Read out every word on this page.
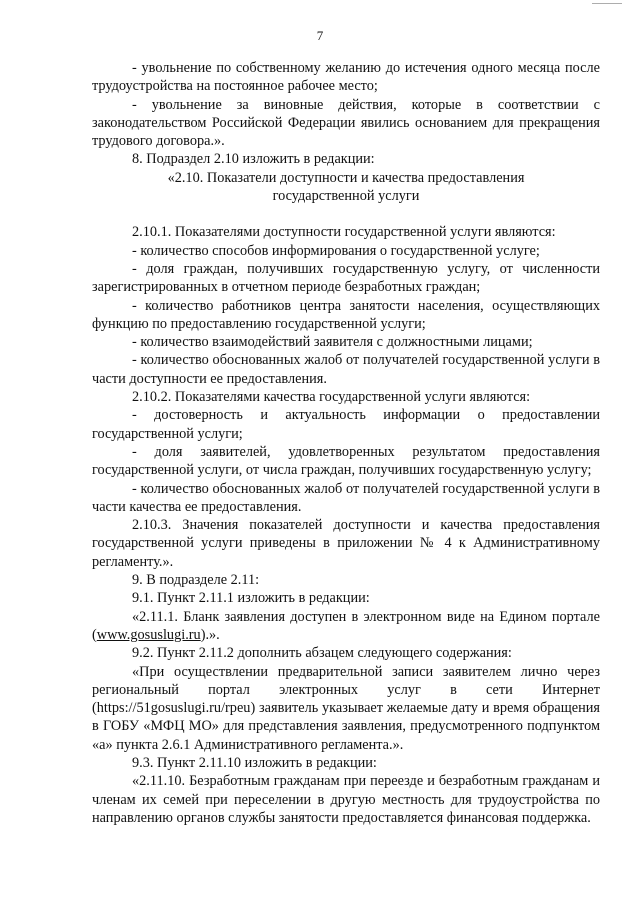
7

- увольнение по собственному желанию до истечения одного месяца после трудоустройства на постоянное рабочее место;

- увольнение за виновные действия, которые в соответствии с законодательством Российской Федерации явились основанием для прекращения трудового договора.».

8. Подраздел 2.10 изложить в редакции:

«2.10. Показатели доступности и качества предоставления

государственной услуги

2.10.1. Показателями доступности государственной услуги являются:

- количество способов информирования о государственной услуге;

- доля граждан, получивших государственную услугу, от численности зарегистрированных в отчетном периоде безработных граждан;

- количество работников центра занятости населения, осуществляющих функцию по предоставлению государственной услуги;

- количество взаимодействий заявителя с должностными лицами;

- количество обоснованных жалоб от получателей государственной услуги в части доступности ее предоставления.

2.10.2. Показателями качества государственной услуги являются:

- достоверность и актуальность информации о предоставлении государственной услуги;

- доля заявителей, удовлетворенных результатом предоставления государственной услуги, от числа граждан, получивших государственную услугу;

- количество обоснованных жалоб от получателей государственной услуги в части качества ее предоставления.

2.10.3. Значения показателей доступности и качества предоставления государственной услуги приведены в приложении № 4 к Административному регламенту.».

9. В подразделе 2.11:

9.1. Пункт 2.11.1 изложить в редакции:

«2.11.1. Бланк заявления доступен в электронном виде на Едином портале (www.gosuslugi.ru).».

9.2. Пункт 2.11.2 дополнить абзацем следующего содержания:

«При осуществлении предварительной записи заявителем лично через региональный портал электронных услуг в сети Интернет (https://51gosuslugi.ru/rpeu) заявитель указывает желаемые дату и время обращения в ГОБУ «МФЦ МО» для представления заявления, предусмотренного подпунктом «а» пункта 2.6.1 Административного регламента.».

9.3. Пункт 2.11.10 изложить в редакции:

«2.11.10. Безработным гражданам при переезде и безработным гражданам и членам их семей при переселении в другую местность для трудоустройства по направлению органов службы занятости предоставляется финансовая поддержка.
